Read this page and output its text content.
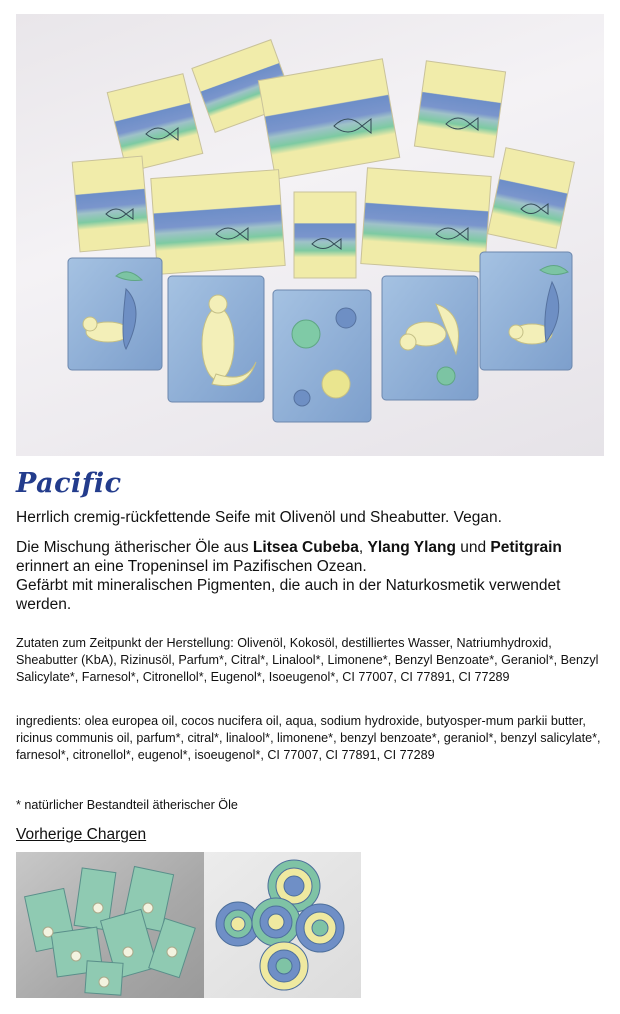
Pacific

Herrlich cremig-rückfettende Seife mit Olivenöl und Sheabutter. Vegan.

Die Mischung ätherischer Öle aus Litsea Cubeba, Ylang Ylang und Petitgrain erinnert an eine Tropeninsel im Pazifischen Ozean.
Gefärbt mit mineralischen Pigmenten, die auch in der Naturkosmetik verwendet werden.

Zutaten zum Zeitpunkt der Herstellung: Olivenöl, Kokosöl, destilliertes Wasser, Natriumhydroxid, Sheabutter (KbA), Rizinusöl, Parfum*, Citral*, Linalool*, Limonene*, Benzyl Benzoate*, Geraniol*, Benzyl Salicylate*, Farnesol*, Citronellol*, Eugenol*, Isoeugenol*, CI 77007, CI 77891, CI 77289

ingredients: olea europea oil, cocos nucifera oil, aqua, sodium hydroxide, butyosper-mum parkii butter, ricinus communis oil, parfum*, citral*, linalool*, limonene*, benzyl benzoate*, geraniol*, benzyl salicylate*, farnesol*, citronellol*, eugenol*, isoeugenol*, CI 77007, CI 77891, CI 77289

* natürlicher Bestandteil ätherischer Öle

Vorherige Chargen
